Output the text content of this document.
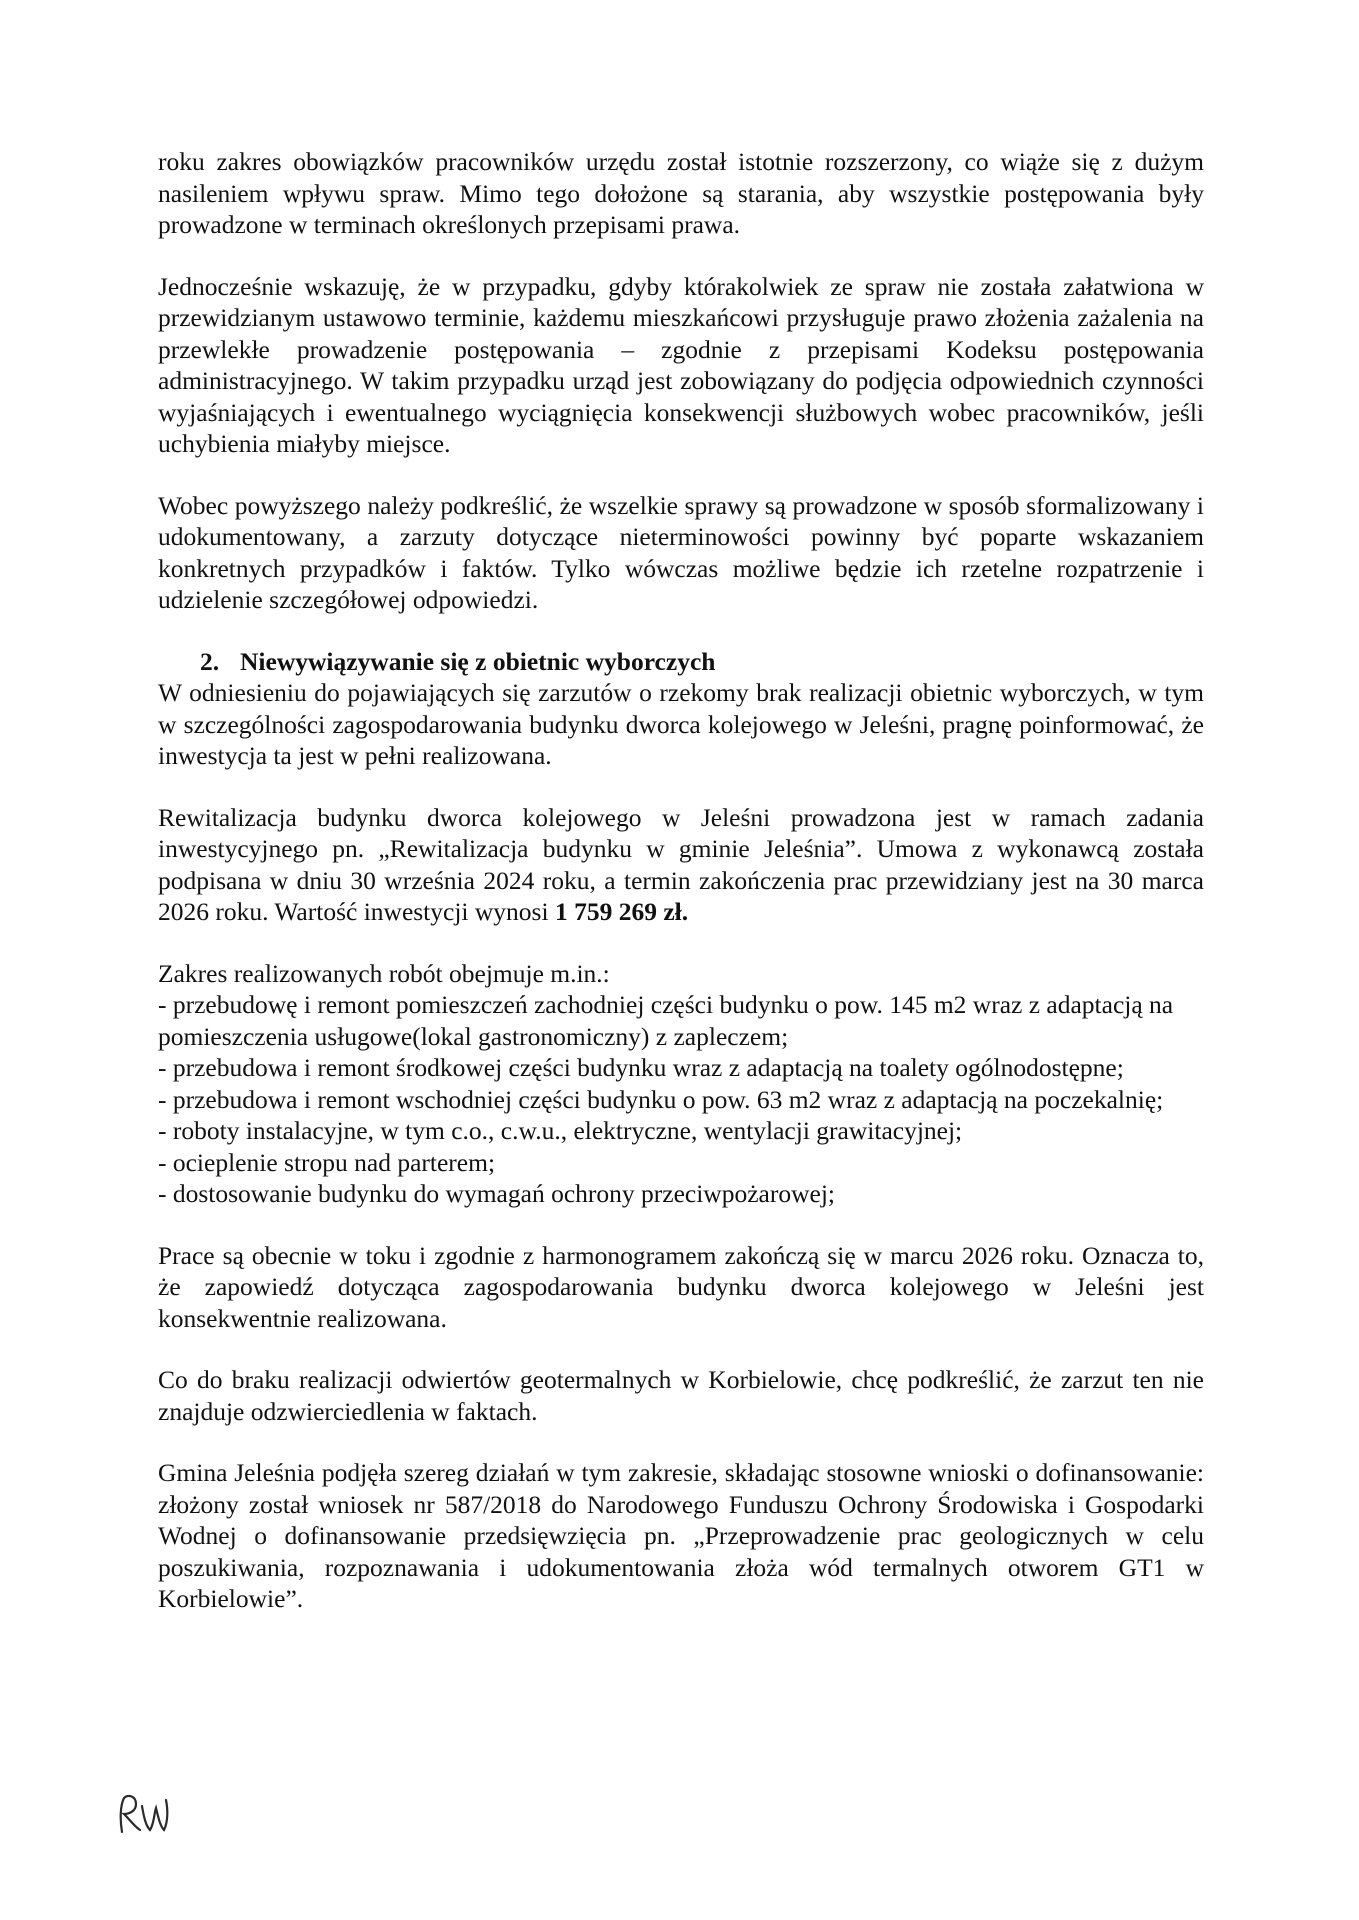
roku zakres obowiązków pracowników urzędu został istotnie rozszerzony, co wiąże się z dużym nasileniem wpływu spraw. Mimo tego dołożone są starania, aby wszystkie postępowania były prowadzone w terminach określonych przepisami prawa.

Jednocześnie wskazuję, że w przypadku, gdyby którakolwiek ze spraw nie została załatwiona w przewidzianym ustawowo terminie, każdemu mieszkańcowi przysługuje prawo złożenia zażalenia na przewlekłe prowadzenie postępowania – zgodnie z przepisami Kodeksu postępowania administracyjnego. W takim przypadku urząd jest zobowiązany do podjęcia odpowiednich czynności wyjaśniających i ewentualnego wyciągnięcia konsekwencji służbowych wobec pracowników, jeśli uchybienia miałyby miejsce.

Wobec powyższego należy podkreślić, że wszelkie sprawy są prowadzone w sposób sformalizowany i udokumentowany, a zarzuty dotyczące nieterminowości powinny być poparte wskazaniem konkretnych przypadków i faktów. Tylko wówczas możliwe będzie ich rzetelne rozpatrzenie i udzielenie szczegółowej odpowiedzi.

2. Niewywiązywanie się z obietnic wyborczych

W odniesieniu do pojawiających się zarzutów o rzekomy brak realizacji obietnic wyborczych, w tym w szczególności zagospodarowania budynku dworca kolejowego w Jeleśni, pragnę poinformować, że inwestycja ta jest w pełni realizowana.

Rewitalizacja budynku dworca kolejowego w Jeleśni prowadzona jest w ramach zadania inwestycyjnego pn. „Rewitalizacja budynku w gminie Jeleśnia”. Umowa z wykonawcą została podpisana w dniu 30 września 2024 roku, a termin zakończenia prac przewidziany jest na 30 marca 2026 roku. Wartość inwestycji wynosi 1 759 269 zł.

Zakres realizowanych robót obejmuje m.in.:

- przebudowę i remont pomieszczeń zachodniej części budynku o pow. 145 m2 wraz z adaptacją na pomieszczenia usługowe(lokal gastronomiczny) z zapleczem;
- przebudowa i remont środkowej części budynku wraz z adaptacją na toalety ogólnodostępne;
- przebudowa i remont wschodniej części budynku o pow. 63 m2 wraz z adaptacją na poczekalnię;
- roboty instalacyjne, w tym c.o., c.w.u., elektryczne, wentylacji grawitacyjnej;
- ocieplenie stropu nad parterem;
- dostosowanie budynku do wymagań ochrony przeciwpożarowej;

Prace są obecnie w toku i zgodnie z harmonogramem zakończą się w marcu 2026 roku. Oznacza to, że zapowiedź dotycząca zagospodarowania budynku dworca kolejowego w Jeleśni jest konsekwentnie realizowana.

Co do braku realizacji odwiertów geotermalnych w Korbielowie, chcę podkreślić, że zarzut ten nie znajduje odzwierciedlenia w faktach.

Gmina Jeleśnia podjęła szereg działań w tym zakresie, składając stosowne wnioski o dofinansowanie: złożony został wniosek nr 587/2018 do Narodowego Funduszu Ochrony Środowiska i Gospodarki Wodnej o dofinansowanie przedsięwzięcia pn. „Przeprowadzenie prac geologicznych w celu poszukiwania, rozpoznawania i udokumentowania złoża wód termalnych otworem GT1 w Korbielowie”.
